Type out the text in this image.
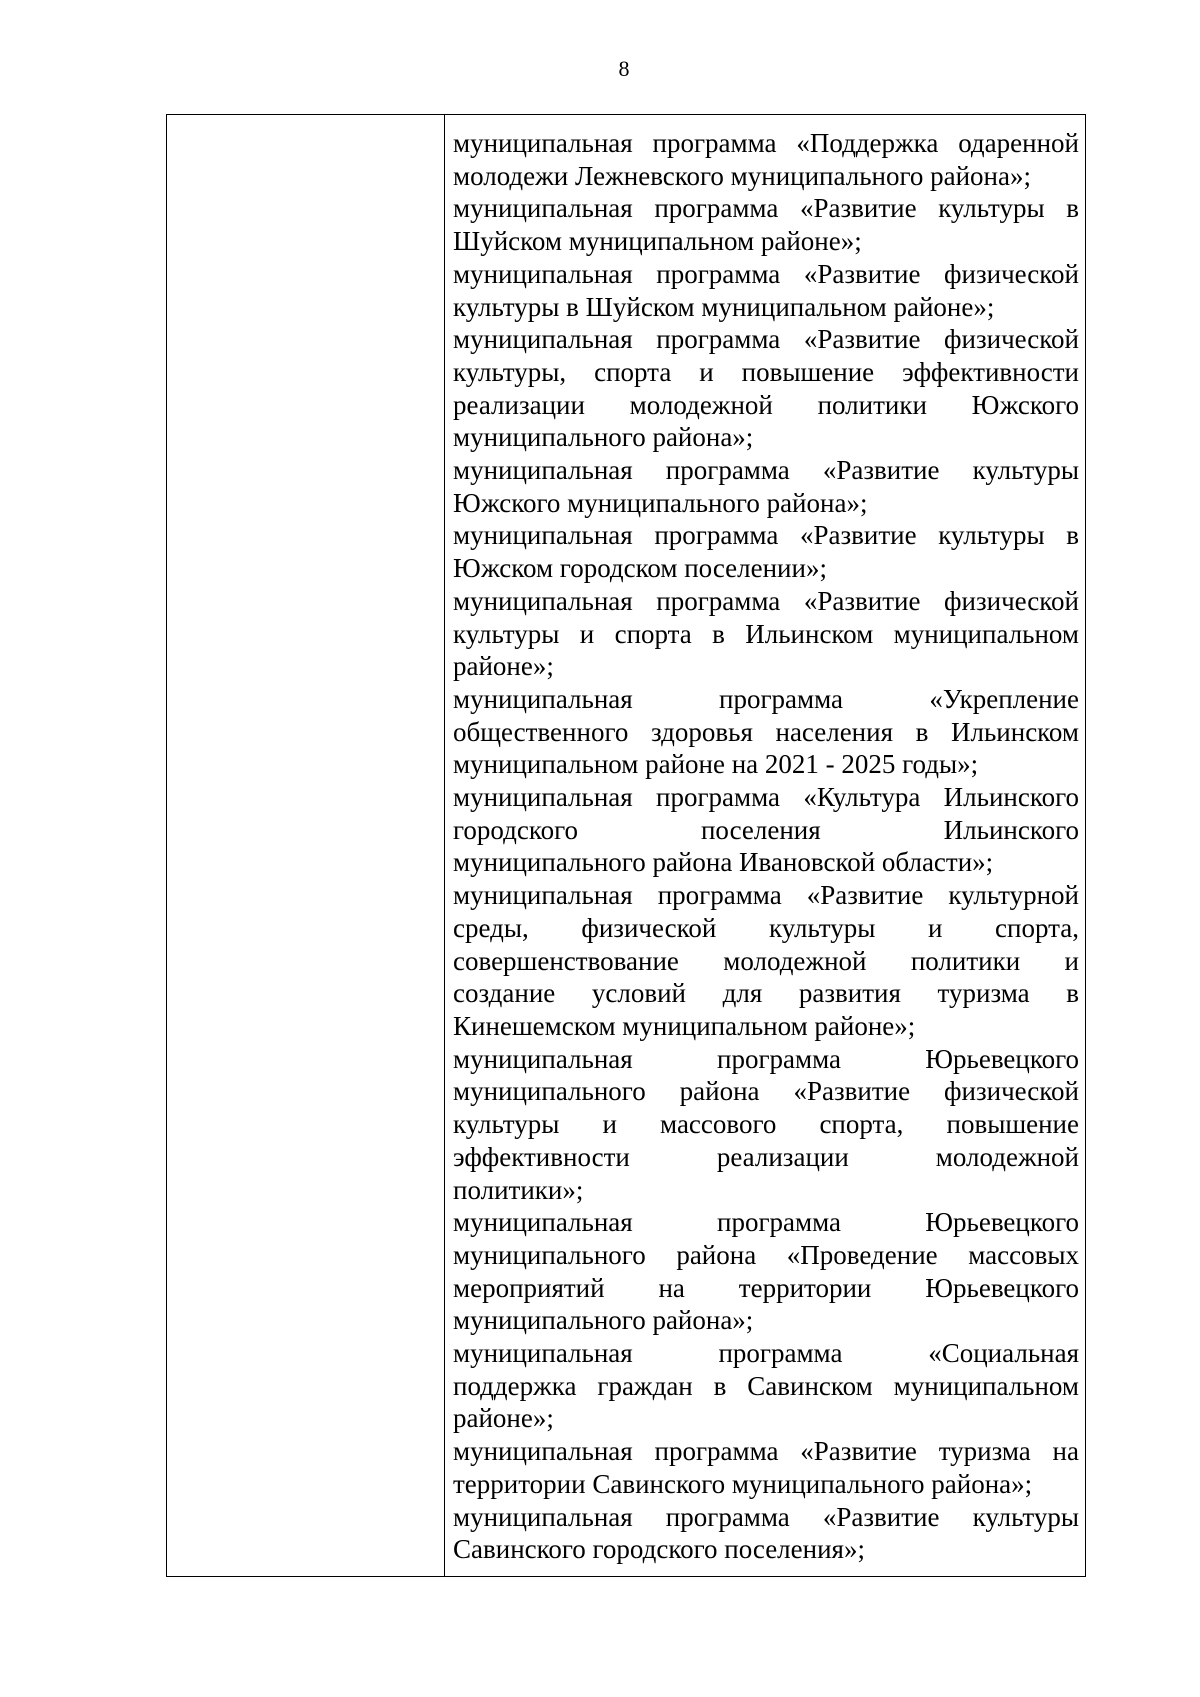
8
муниципальная программа «Поддержка одаренной
молодежи Лежневского муниципального района»;
муниципальная программа «Развитие культуры в
Шуйском муниципальном районе»;
муниципальная программа «Развитие физической
культуры в Шуйском муниципальном районе»;
муниципальная программа «Развитие физической
культуры, спорта и повышение эффективности
реализации молодежной политики Южского
муниципального района»;
муниципальная программа «Развитие культуры
Южского муниципального района»;
муниципальная программа «Развитие культуры в
Южском городском поселении»;
муниципальная программа «Развитие физической
культуры и спорта в Ильинском муниципальном
районе»;
муниципальная программа «Укрепление
общественного здоровья населения в Ильинском
муниципальном районе на 2021 - 2025 годы»;
муниципальная программа «Культура Ильинского
городского поселения Ильинского
муниципального района Ивановской области»;
муниципальная программа «Развитие культурной
среды, физической культуры и спорта,
совершенствование молодежной политики и
создание условий для развития туризма в
Кинешемском муниципальном районе»;
муниципальная программа Юрьевецкого
муниципального района «Развитие физической
культуры и массового спорта, повышение
эффективности реализации молодежной
политики»;
муниципальная программа Юрьевецкого
муниципального района «Проведение массовых
мероприятий на территории Юрьевецкого
муниципального района»;
муниципальная программа «Социальная
поддержка граждан в Савинском муниципальном
районе»;
муниципальная программа «Развитие туризма на
территории Савинского муниципального района»;
муниципальная программа «Развитие культуры
Савинского городского поселения»;
